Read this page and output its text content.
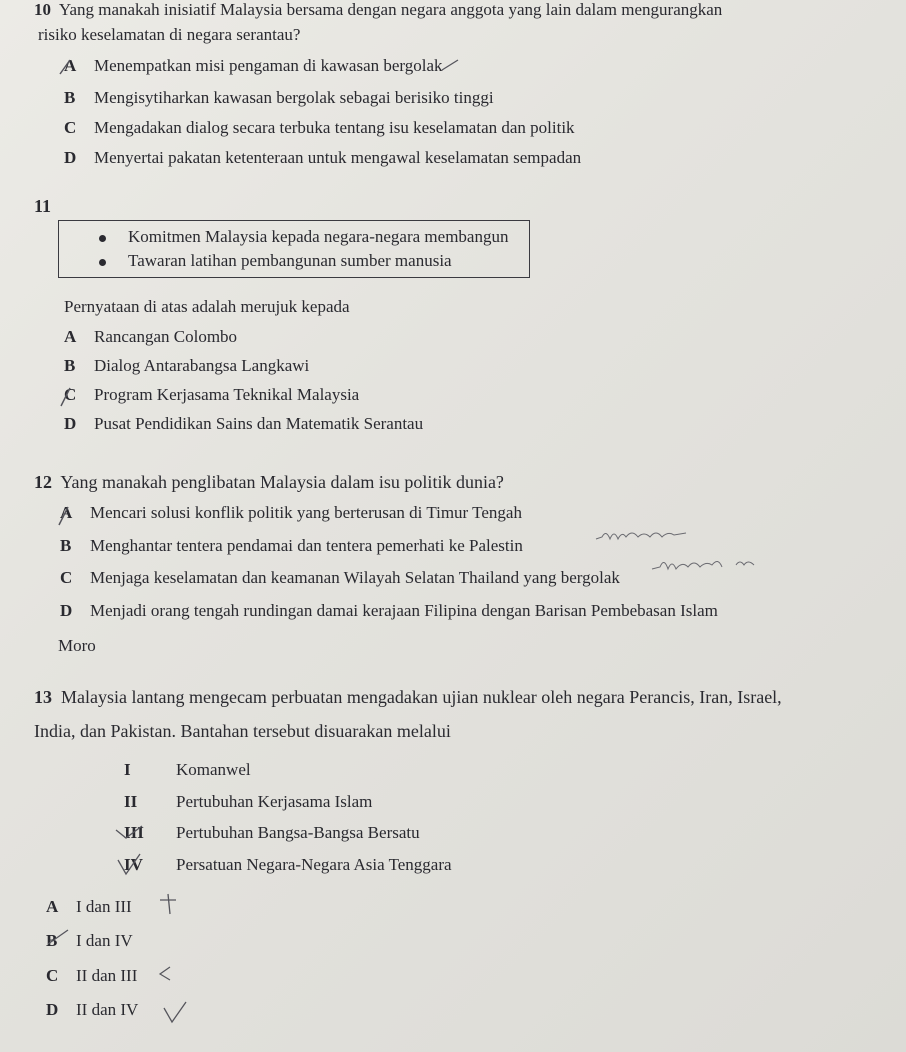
10 Yang manakah inisiatif Malaysia bersama dengan negara anggota yang lain dalam mengurangkan
risiko keselamatan di negara serantau?
A Menempatkan misi pengaman di kawasan bergolak
B Mengisytiharkan kawasan bergolak sebagai berisiko tinggi
C Mengadakan dialog secara terbuka tentang isu keselamatan dan politik
D Menyertai pakatan ketenteraan untuk mengawal keselamatan sempadan
11
Komitmen Malaysia kepada negara-negara membangun
Tawaran latihan pembangunan sumber manusia
Pernyataan di atas adalah merujuk kepada
A Rancangan Colombo
B Dialog Antarabangsa Langkawi
C Program Kerjasama Teknikal Malaysia
D Pusat Pendidikan Sains dan Matematik Serantau
12 Yang manakah penglibatan Malaysia dalam isu politik dunia?
A Mencari solusi konflik politik yang berterusan di Timur Tengah
B Menghantar tentera pendamai dan tentera pemerhati ke Palestin
C Menjaga keselamatan dan keamanan Wilayah Selatan Thailand yang bergolak
D Menjadi orang tengah rundingan damai kerajaan Filipina dengan Barisan Pembebasan Islam
Moro
13 Malaysia lantang mengecam perbuatan mengadakan ujian nuklear oleh negara Perancis, Iran, Israel,
India, dan Pakistan. Bantahan tersebut disuarakan melalui
I	Komanwel
II Pertubuhan Kerjasama Islam
III Pertubuhan Bangsa-Bangsa Bersatu
IV Persatuan Negara-Negara Asia Tenggara
A I dan III
B I dan IV
C II dan III
D II dan IV
